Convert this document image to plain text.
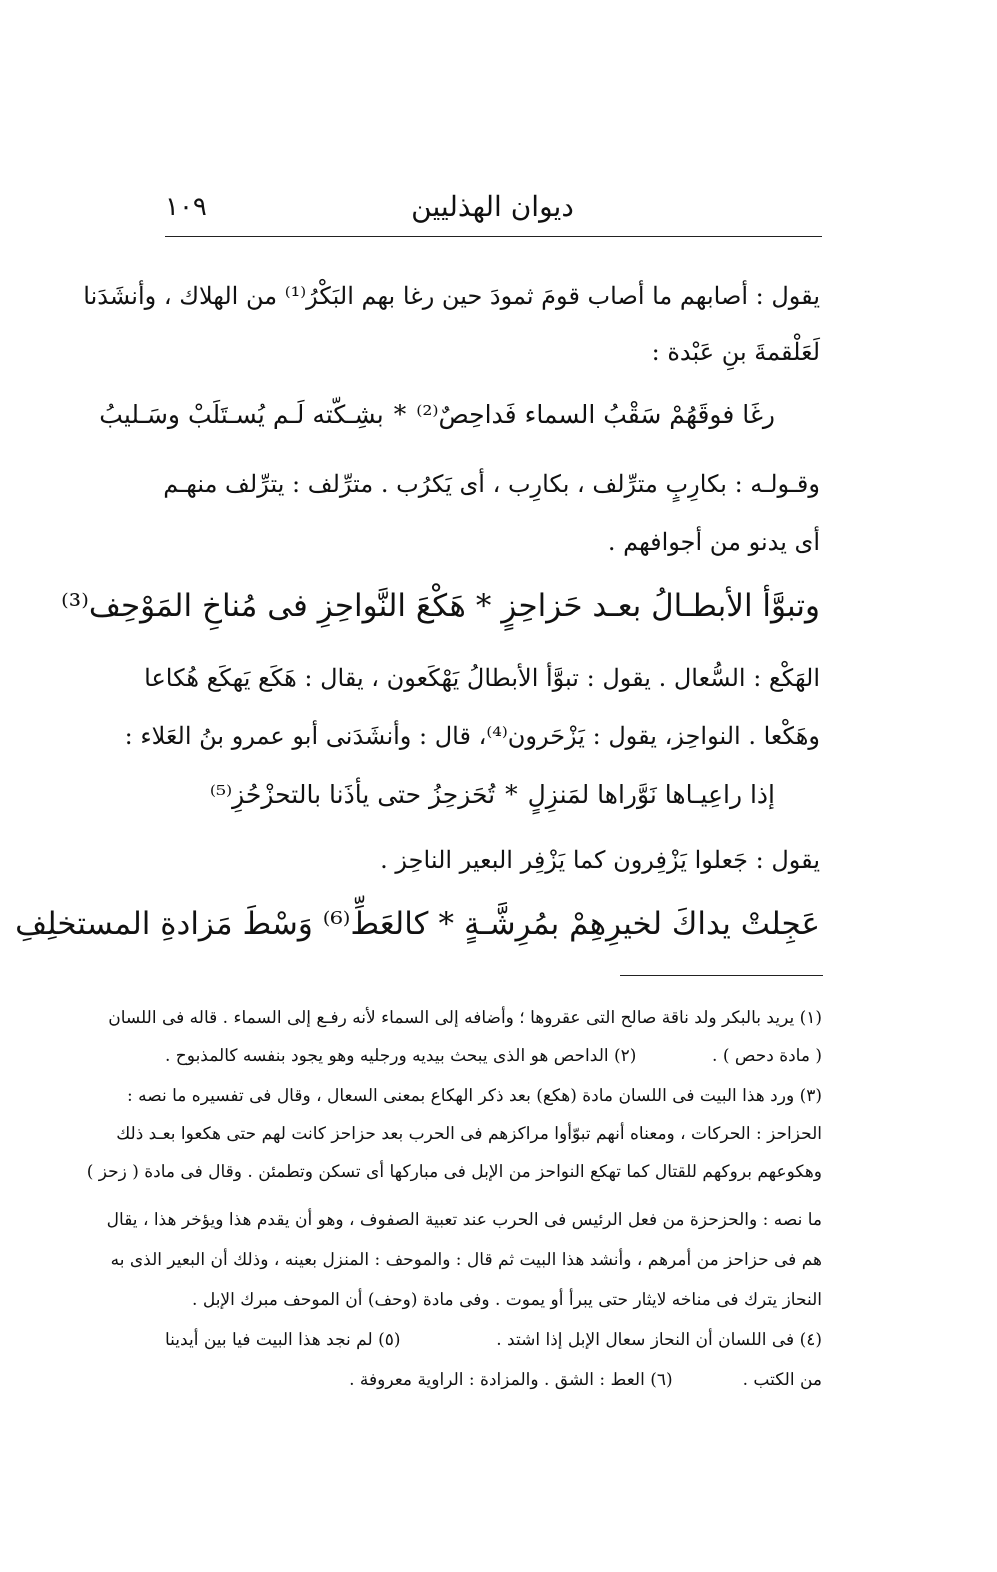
ديوان الهذليين
١٠٩
يقول : أصابهم ما أصاب قومَ ثمودَ حين رغا بهم البَكْرُ⁽¹⁾ من الهلاك ، وأنشَدَنا
لَعَلْقمةَ بنِ عَبْدة :
رغَا فوقَهُمْ سَقْبُ السماء فَداحِصٌ⁽²⁾
*
بشِـكّته لَـم يُسـتَلَبْ وسَـليبُ
وقـولـه : بكارِبٍ مترِّلف ، بكارِب ، أى يَكرُب . مترِّلف : يترِّلف منهـم
أى يدنو من أجوافهم .
وتبوَّأ الأبطـالُ بعـد حَزاحِزٍ
*
هَكْعَ النَّواحِزِ فى مُناخِ المَوْحِف⁽³⁾
الهَكْع : السُّعال . يقول : تبوَّأ الأبطالُ يَهْكَعون ، يقال : هَكَع يَهكَع هُكاعا
وهَكْعا . النواحِز، يقول : يَزْحَرون⁽⁴⁾، قال : وأنشَدَنى أبو عمرو بنُ العَلاء :
إذا راعِيـاها نَوَّراها لمَنزِلٍ
*
تُحَزحِزُ حتى يأذَنا بالتحزْحُزِ⁽⁵⁾
يقول : جَعلوا يَزْفِرون كما يَزْفِر البعير الناحِز .
عَجِلتْ يداكَ لخيرِهِمْ بمُرِشَّـةٍ
*
كالعَطِّ⁽⁶⁾ وَسْطَ مَزادةِ المستخلِفِ
(١) يريد بالبكر ولد ناقة صالح التى عقروها ؛ وأضافه إلى السماء لأنه رفـع إلى السماء . قاله فى اللسان
( مادة دحص ) .
(٢) الداحص هو الذى يبحث بيديه ورجليه وهو يجود بنفسه كالمذبوح .
(٣) ورد هذا البيت فى اللسان مادة (هكع) بعد ذكر الهكاع بمعنى السعال ، وقال فى تفسيره ما نصه :
الحزاحز : الحركات ، ومعناه أنهم تبوّأوا مراكزهم فى الحرب بعد حزاحز كانت لهم حتى هكعوا بعـد ذلك
وهكوعهم بروكهم للقتال كما تهكع النواحز من الإبل فى مباركها أى تسكن وتطمئن . وقال فى مادة ( زحز )
ما نصه : والحزحزة من فعل الرئيس فى الحرب عند تعبية الصفوف ، وهو أن يقدم هذا ويؤخر هذا ، يقال
هم فى حزاحز من أمرهم ، وأنشد هذا البيت ثم قال : والموحف : المنزل بعينه ، وذلك أن البعير الذى به
النحاز يترك فى مناخه لايثار حتى يبرأ أو يموت . وفى مادة (وحف) أن الموحف مبرك الإبل .
(٤) فى اللسان أن النحاز سعال الإبل إذا اشتد .
(٥) لم نجد هذا البيت فيا بين أيدينا
من الكتب .
(٦) العط : الشق . والمزادة : الراوية معروفة .
